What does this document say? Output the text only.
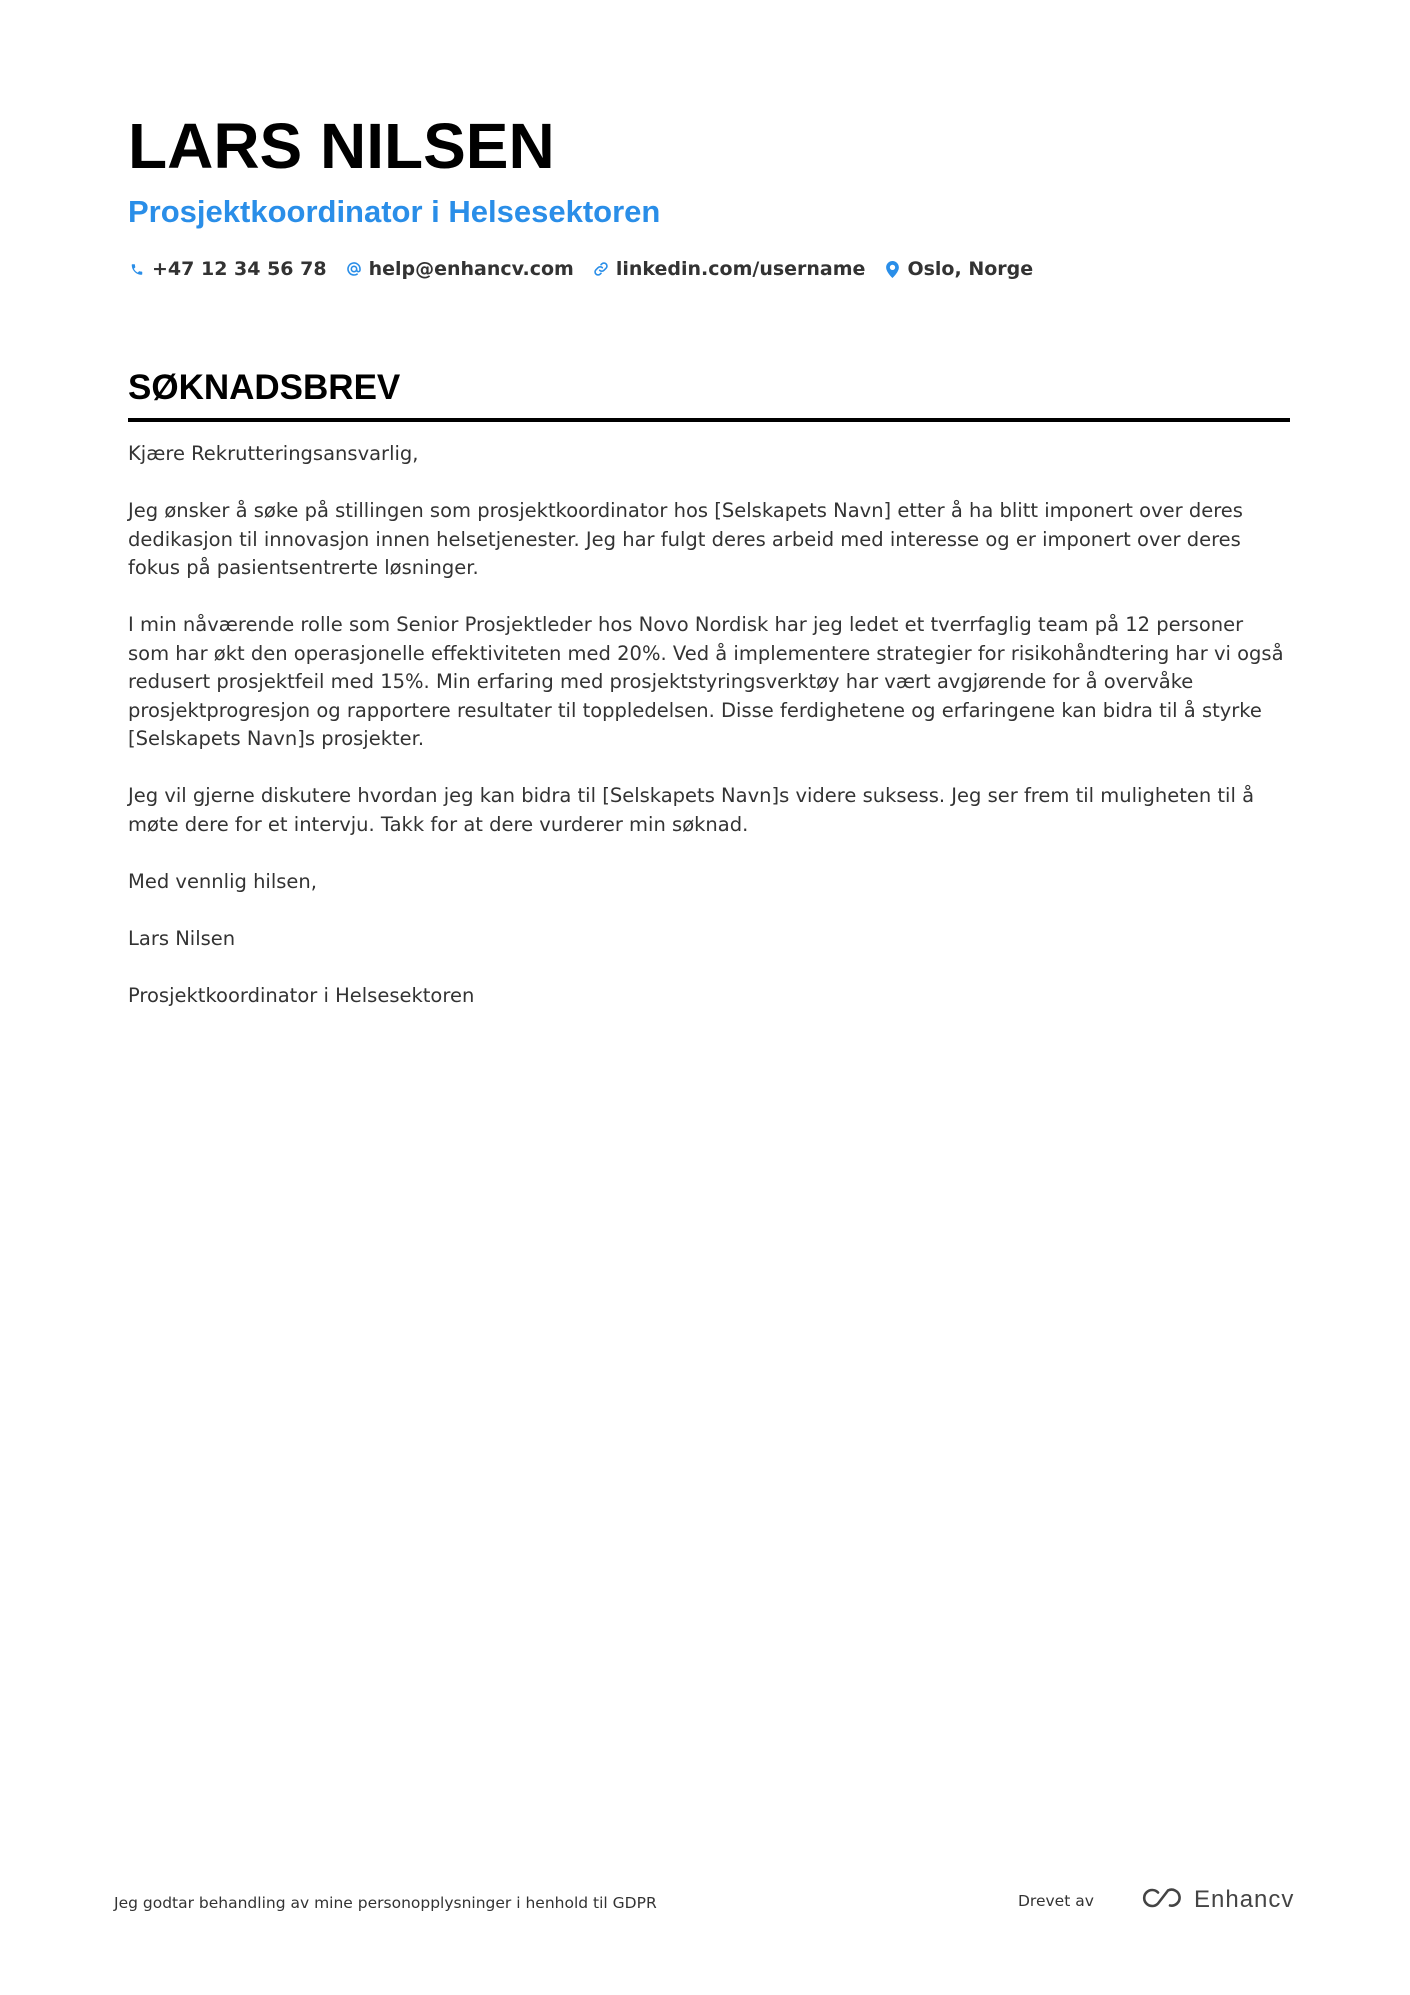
LARS NILSEN
Prosjektkoordinator i Helsesektoren
+47 12 34 56 78 help@enhancv.com linkedin.com/username Oslo, Norge
SØKNADSBREV

Kjære Rekrutteringsansvarlig,

Jeg ønsker å søke på stillingen som prosjektkoordinator hos [Selskapets Navn] etter å ha blitt imponert over deres dedikasjon til innovasjon innen helsetjenester. Jeg har fulgt deres arbeid med interesse og er imponert over deres fokus på pasientsentrerte løsninger.

I min nåværende rolle som Senior Prosjektleder hos Novo Nordisk har jeg ledet et tverrfaglig team på 12 personer som har økt den operasjonelle effektiviteten med 20%. Ved å implementere strategier for risikohåndtering har vi også redusert prosjektfeil med 15%. Min erfaring med prosjektstyringsverktøy har vært avgjørende for å overvåke prosjektprogresjon og rapportere resultater til toppledelsen. Disse ferdighetene og erfaringene kan bidra til å styrke [Selskapets Navn]s prosjekter.

Jeg vil gjerne diskutere hvordan jeg kan bidra til [Selskapets Navn]s videre suksess. Jeg ser frem til muligheten til å møte dere for et intervju. Takk for at dere vurderer min søknad.

Med vennlig hilsen,

Lars Nilsen

Prosjektkoordinator i Helsesektoren

Jeg godtar behandling av mine personopplysninger i henhold til GDPR	Drevet av	Enhancv
